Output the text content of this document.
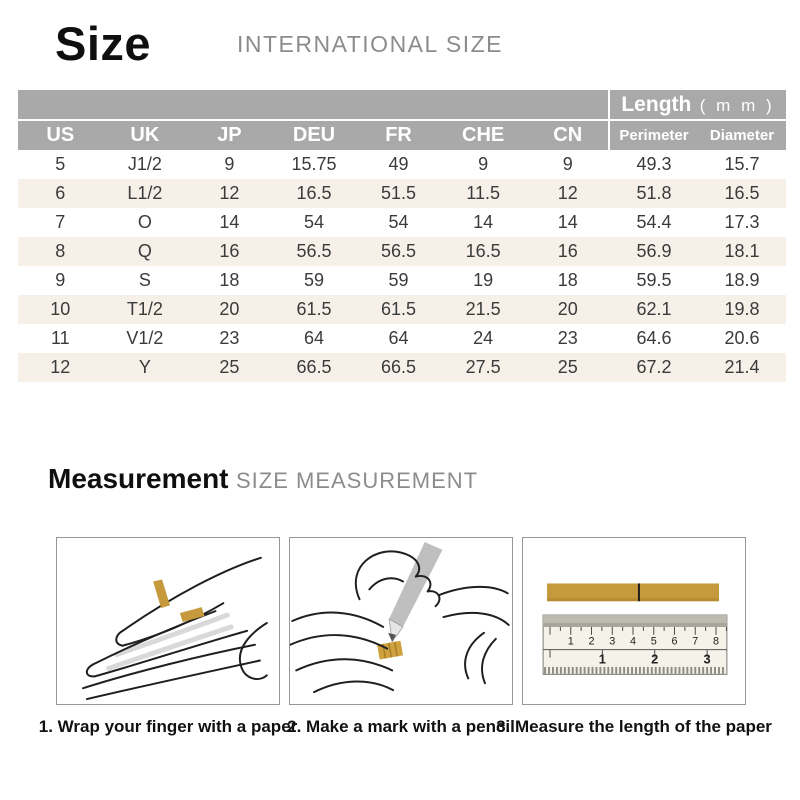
Size	INTERNATIONAL SIZE
Length ( m m )
US	UK	JP	DEU	FR	CHE	CN	Perimeter	Diameter
5	J1/2	9	15.75	49	9	9	49.3	15.7
6	L1/2	12	16.5	51.5	11.5	12	51.8	16.5
7	O	14	54	54	14	14	54.4	17.3
8	Q	16	56.5	56.5	16.5	16	56.9	18.1
9	S	18	59	59	19	18	59.5	18.9
10	T1/2	20	61.5	61.5	21.5	20	62.1	19.8
11	V1/2	23	64	64	24	23	64.6	20.6
12	Y	25	66.5	66.5	27.5	25	67.2	21.4
Measurement SIZE MEASUREMENT
1. Wrap your finger with a paper
2. Make a mark with a pencil
1 2 3 4 5 6 7 8
1	2	3
3. Measure the length of the paper
